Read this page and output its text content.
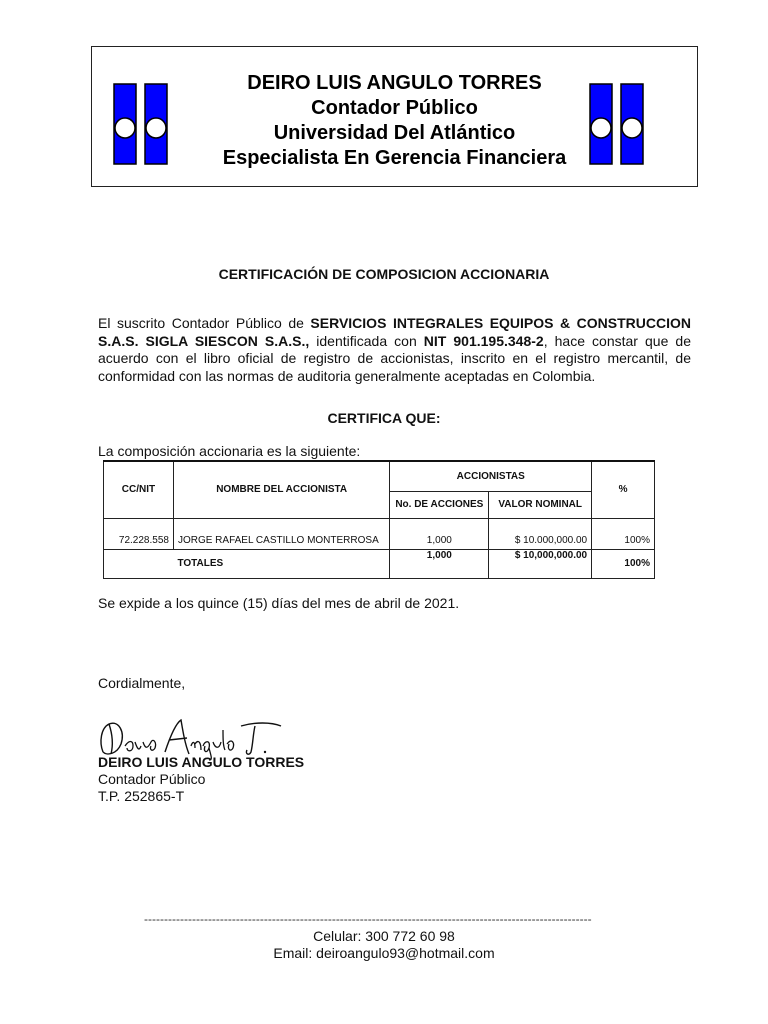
DEIRO LUIS ANGULO TORRES
Contador Público
Universidad Del Atlántico
Especialista En Gerencia Financiera
CERTIFICACIÓN DE COMPOSICION ACCIONARIA
El suscrito Contador Público de SERVICIOS INTEGRALES EQUIPOS & CONSTRUCCION S.A.S. SIGLA SIESCON S.A.S., identificada con NIT 901.195.348-2, hace constar que de acuerdo con el libro oficial de registro de accionistas, inscrito en el registro mercantil, de conformidad con las normas de auditoria generalmente aceptadas en Colombia.
CERTIFICA QUE:
La composición accionaria es la siguiente:
CC/NIT	NOMBRE DEL ACCIONISTA	ACCIONISTAS		%
		No. DE ACCIONES	VALOR NOMINAL	
72.228.558	JORGE RAFAEL CASTILLO MONTERROSA	1,000	$ 10.000,000.00	100%
	TOTALES	1,000	$ 10,000,000.00	100%
Se expide a los quince (15) días del mes de abril de 2021.
Cordialmente,
DEIRO LUIS ANGULO TORRES
Contador Público
T.P. 252865-T
----------------------------------------------------------------------------------------------------------------
Celular: 300 772 60 98
Email: deiroangulo93@hotmail.com
